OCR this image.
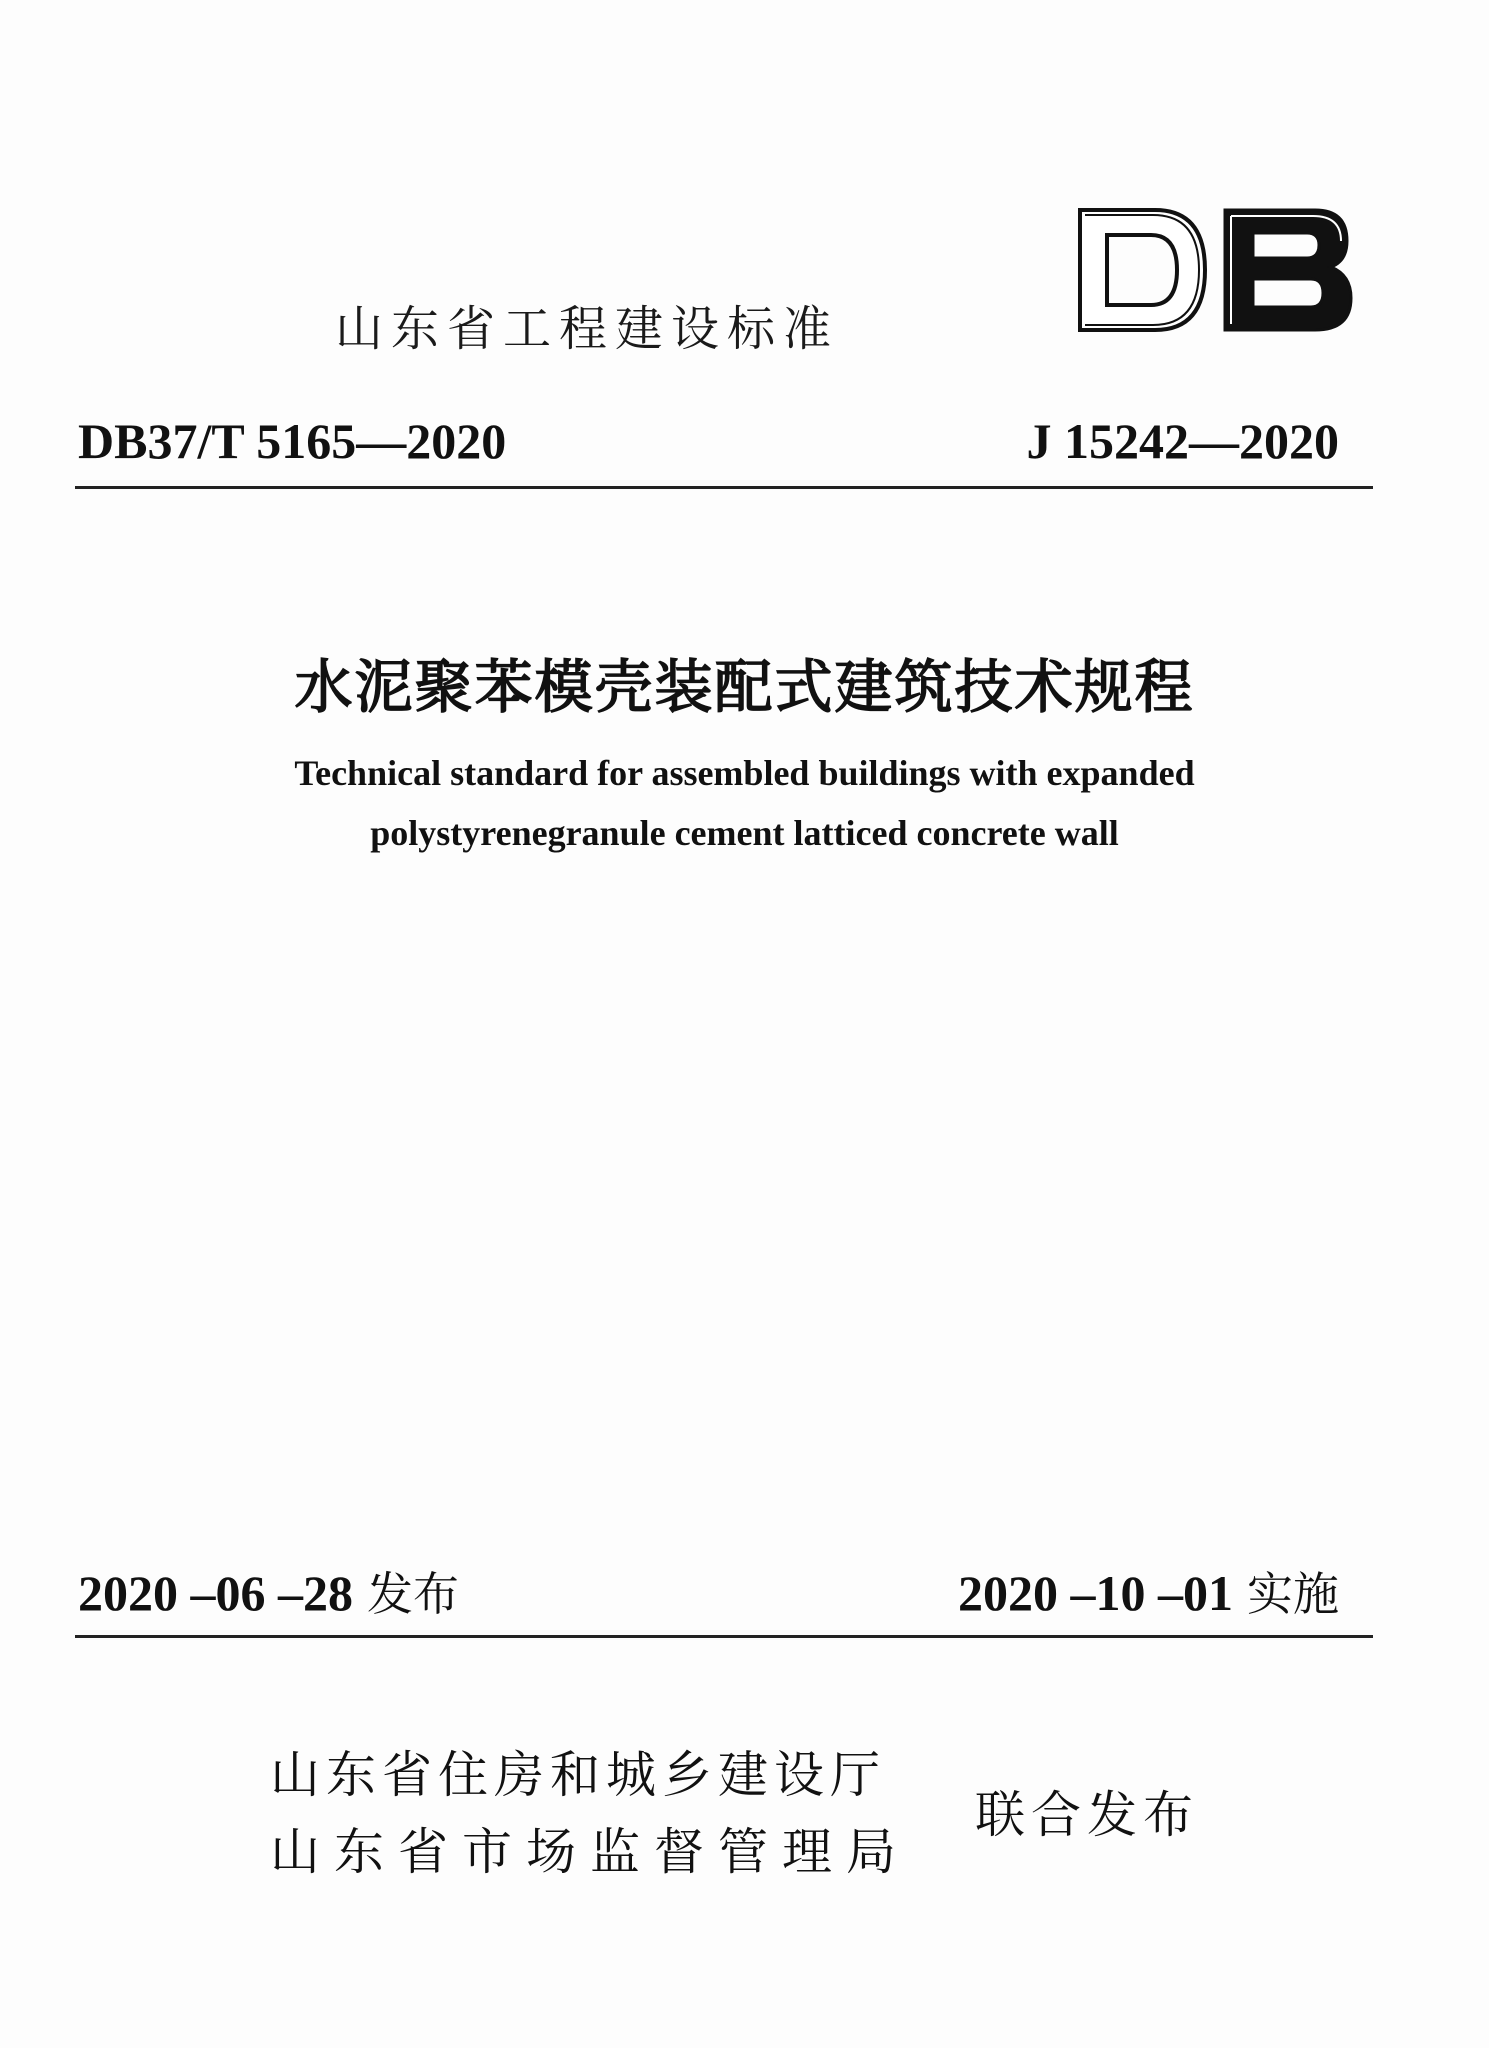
山东省工程建设标准
DB37/T 5165—2020	J 15242—2020
水泥聚苯模壳装配式建筑技术规程
Technical standard for assembled buildings with expanded
polystyrenegranule cement latticed concrete wall
2020 –06 –28 发布	2020 –10 –01 实施
山东省住房和城乡建设厅
山东省市场监督管理局
联合发布
